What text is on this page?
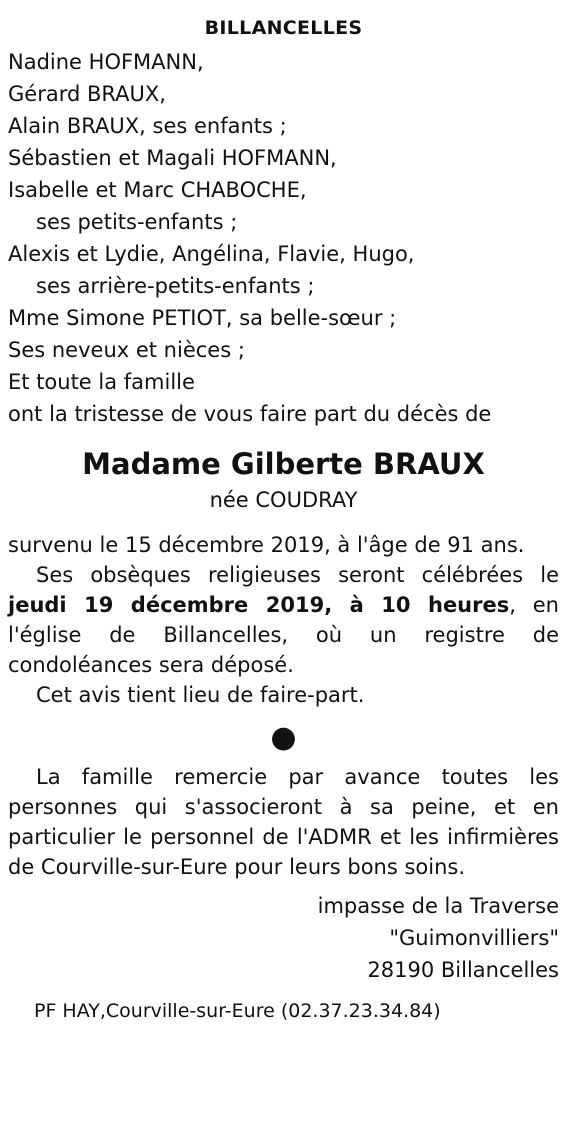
BILLANCELLES
Nadine HOFMANN,
Gérard BRAUX,
Alain BRAUX, ses enfants ;
Sébastien et Magali HOFMANN,
Isabelle et Marc CHABOCHE,
ses petits-enfants ;
Alexis et Lydie, Angélina, Flavie, Hugo,
ses arrière-petits-enfants ;
Mme Simone PETIOT, sa belle-sœur ;
Ses neveux et nièces ;
Et toute la famille
ont la tristesse de vous faire part du décès de
Madame Gilberte BRAUX
née COUDRAY
survenu le 15 décembre 2019, à l'âge de 91 ans.
Ses obsèques religieuses seront célébrées le jeudi 19 décembre 2019, à 10 heures, en l'église de Billancelles, où un registre de condoléances sera déposé.
Cet avis tient lieu de faire-part.
●
La famille remercie par avance toutes les personnes qui s'associeront à sa peine, et en particulier le personnel de l'ADMR et les infirmières de Courville-sur-Eure pour leurs bons soins.
impasse de la Traverse
"Guimonvilliers"
28190 Billancelles
PF HAY,Courville-sur-Eure (02.37.23.34.84)
